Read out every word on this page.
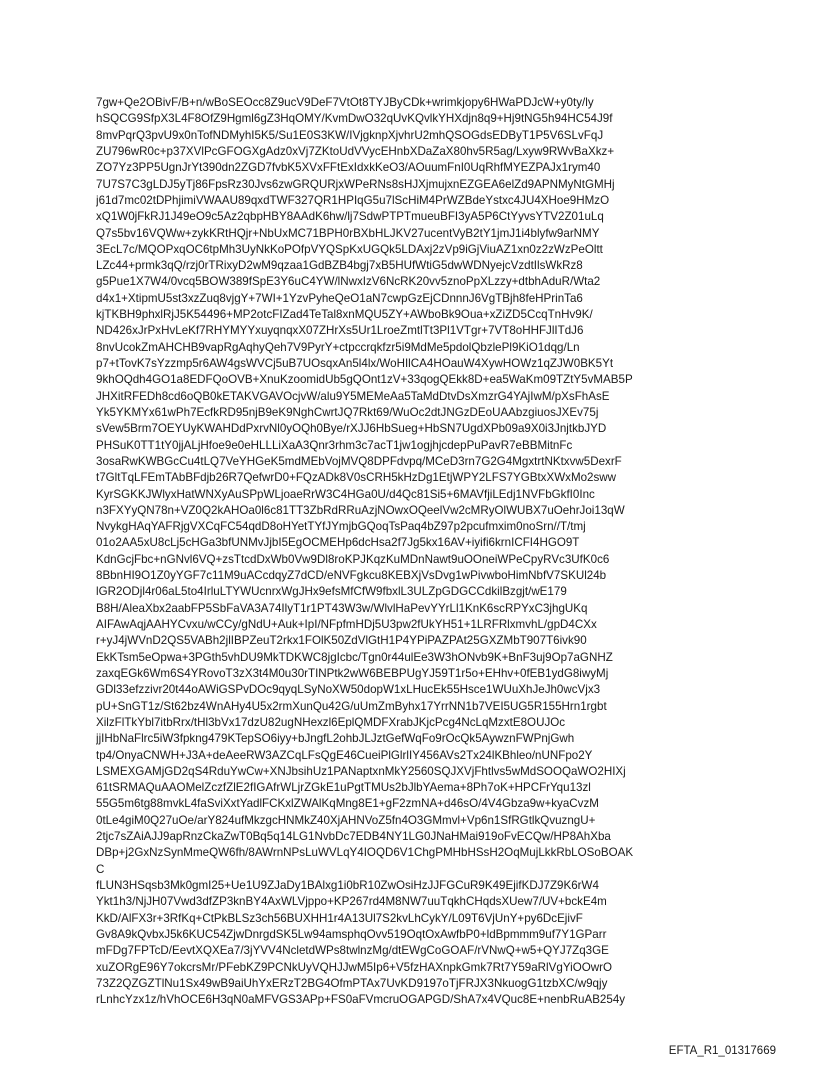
7gw+Qe2OBivF/B+n/wBoSEOcc8Z9ucV9DeF7VtOt8TYJByCDk+wrimkjopy6HWaPDJcW+y0ty/ly
hSQCG9SfpX3L4F8OfZ9Hgml6gZ3HqOMY/KvmDwO32qUvKQvlkYHXdjn8q9+Hj9tNG5h94HC54J9f
8mvPqrQ3pvU9x0nTofNDMyhI5K5/Su1E0S3KW/IVjgknpXjvhrU2mhQSOGdsEDByT1P5V6SLvFqJ
ZU796wR0c+p37XVlPcGFOGXgAdz0xVj7ZKtoUdVVycEHnbXDaZaX80hv5R5ag/Lxyw9RWvBaXkz+
ZO7Yz3PP5UgnJrYt390dn2ZGD7fvbK5XVxFFtExIdxkKeO3/AOuumFnI0UqRhfMYEZPAJx1rym40
7U7S7C3gLDJ5yTj86FpsRz30Jvs6zwGRQURjxWPeRNs8sHJXjmujxnEZGEA6elZd9APNMyNtGMHj
j61d7mc02tDPhjimiVWAAU89qxdTWF327QR1HPIqG5u7lScHiM4PrWZBdeYstxc4JU4XHoe9HMzO
xQ1W0jFkRJ1J49eO9c5Az2qbpHBY8AAdK6hw/lj7SdwPTPTmueuBFI3yA5P6CtYyvsYTV2Z01uLq
Q7s5bv16VQWw+zykKRtHQjr+NbUxMC71BPH0rBXbHLJKV27ucentVyB2tY1jmJ1i4blyfw9arNMY
3EcL7c/MQOPxqOC6tpMh3UyNkKoPOfpVYQSpKxUGQk5LDAxj2zVp9iGjViuAZ1xn0z2zWzPeOltt
LZc44+prmk3qQ/rzj0rTRixyD2wM9qzaa1GdBZB4bgj7xB5HUfWtiG5dwWDNyejcVzdtIlsWkRz8
g5Pue1X7W4/0vcq5BOW389fSpE3Y6uC4YW/lNwxIzV6NcRK20vv5znoPpXLzzy+dtbhAduR/Wta2
d4x1+XtipmU5st3xzZuq8vjgY+7WI+1YzvPyheQeO1aN7cwpGzEjCDnnnJ6VgTBjh8feHPrinTa6
kjTKBH9phxlRjJ5K54496+MP2otcFIZad4TeTal8xnMQU5ZY+AWboBk9Oua+xZiZD5CcqTnHv9K/
ND426xJrPxHvLeKf7RHYMYYxuyqnqxX07ZHrXs5Ur1LroeZmtlTt3Pl1VTgr+7VT8oHHFJlITdJ6
8nvUcokZmAHCHB9vapRgAqhyQeh7V9PyrY+ctpccrqkfzr5i9MdMe5pdolQbzlePl9KiO1dqg/Ln
p7+tTovK7sYzzmp5r6AW4gsWVCj5uB7UOsqxAn5l4lx/WoHIlCA4HOauW4XywHOWz1qZJW0BK5Yt
9khOQdh4GO1a8EDFQoOVB+XnuKzoomidUb5gQOnt1zV+33qogQEkk8D+ea5WaKm09TZtY5vMAB5P
JHXitRFEDh8cd6oQB0kETAKVGAVOcjvW/alu9Y5MEMeAa5TaMdDtvDsXmzrG4YAjIwM/pXsFhAsE
Yk5YKMYx61wPh7EcfkRD95njB9eK9NghCwrtJQ7Rkt69/WuOc2dtJNGzDEoUAAbzgiuosJXEv75j
sVew5Brm7OEYUyKWAHDdPxrvNl0yOQh0Bye/rXJJ6HbSueg+HbSN7UgdXPb09a9X0i3JnjtkbJYD
PHSuK0TT1tY0jjALjHfoe9e0eHLLLiXaA3Qnr3rhm3c7acT1jw1ogjhjcdepPuPavR7eBBMitnFc
3osaRwKWBGcCu4tLQ7VeYHGeK5mdMEbVojMVQ8DPFdvpq/MCeD3rn7G2G4MgxtrtNKtxvw5DexrF
t7GltTqLFEmTAbBFdjb26R7QefwrD0+FQzADk8V0sCRH5kHzDg1EtjWPY2LFS7YGBtxXWxMo2sww
KyrSGKKJWlyxHatWNXyAuSPpWLjoaeRrW3C4HGa0U/d4Qc81Si5+6MAVfjiLEdj1NVFbGkfI0Inc
n3FXYyQN78n+VZ0Q2kAHOa0l6c81TT3ZbRdRRuAzjNOwxOQeelVw2cMRyOlWUBX7uOehrJoi13qW
NvykgHAqYAFRjgVXCqFC54qdD8oHYetTYfJYmjbGQoqTsPaq4bZ97p2pcufmxim0noSrn//T/tmj
01o2AA5xU8cLj5cHGa3bfUNMvJjbI5EgOCMEHp6dcHsa2f7Jg5kx16AV+iyifi6krnICFI4HGO9T
KdnGcjFbc+nGNvl6VQ+zsTtcdDxWb0Vw9Dl8roKPJKqzKuMDnNawt9uOOneiWPeCpyRVc3UfK0c6
8BbnHI9O1Z0yYGF7c11M9uACcdqyZ7dCD/eNVFgkcu8KEBXjVsDvg1wPivwboHimNbfV7SKUl24b
lGR2ODjl4r06aL5to4IrluLTYWUcnrxWgJHx9efsMfCfW9fbxlL3ULZpGDGCCdkilBzgjt/wE179
B8H/AleaXbx2aabFP5SbFaVA3A74IlyT1r1PT43W3w/WlvlHaPevYYrLl1KnK6scRPYxC3jhgUKq
AIFAwAqjAAHYCvxu/wCCy/gNdU+Auk+IpI/NFpfmHDj5U3pw2fUkYH51+1LRFRlxmvhL/gpD4CXx
r+yJ4jWVnD2QS5VABh2jlIBPZeuT2rkx1FOlK50ZdVlGtH1P4YPiPAZPAt25GXZMbT907T6ivk90
EkKTsm5eOpwa+3PGth5vhDU9MkTDKWC8jgIcbc/Tgn0r44ulEe3W3hONvb9K+BnF3uj9Op7aGNHZ
zaxqEGk6Wm6S4YRovoT3zX3t4M0u30rTINPtk2wW6BEBPUgYJ59T1r5o+EHhv+0fEB1ydG8iwyMj
GDl33efzzivr20t44oAWiGSPvDOc9qyqLSyNoXW50dopW1xLHucEk55Hsce1WUuXhJeJh0wcVjx3
pU+SnGT1z/St62bz4WnAHy4U5x2rmXunQu42G/uUmZmByhx17YrrNN1b7VEI5UG5R155Hrn1rgbt
XilzFlTkYbl7itbRrx/tHl3bVx17dzU82ugNHexzl6EplQMDFXrabJKjcPcg4NcLqMzxtE8OUJOc
jjIHbNaFlrc5iW3fpkng479KTepSO6iyy+bJngfL2ohbJLJztGefWqFo9rOcQk5AywznFWPnjGwh
tp4/OnyaCNWH+J3A+deAeeRW3AZCqLFsQgE46CueiPlGlrlIY456AVs2Tx24lKBhleo/nUNFpo2Y
LSMEXGAMjGD2qS4RduYwCw+XNJbsihUz1PANaptxnMkY2560SQJXVjFhtlvs5wMdSOOQaWO2HIXj
61tSRMAQuAAOMelZczfZlE2fIGAfrWLjrZGkE1uPgtTMUs2bJlbYAema+8Ph7oK+HPCFrYqu13zl
55G5m6tg88mvkL4faSviXxtYadlFCKxlZWAlKqMng8E1+gF2zmNA+d46sO/4V4Gbza9w+kyaCvzM
0tLe4giM0Q27uOe/arY824ufMkzgcHNMkZ40XjAHNVoZ5fn4O3GMmvl+Vp6n1SfRGtlkQvuzngU+
2tjc7sZAiAJJ9apRnzCkaZwT0Bq5q14LG1NvbDc7EDB4NY1LG0JNaHMai919oFvECQw/HP8AhXba
DBp+j2GxNzSynMmeQW6fh/8AWrnNPsLuWVLqY4IOQD6V1ChgPMHbHSsH2OqMujLkkRbLOSoBOAK
C
fLUN3HSqsb3Mk0gmI25+Ue1U9ZJaDy1BAlxg1i0bR10ZwOsiHzJJFGCuR9K49EjifKDJ7Z9K6rW4
Ykt1h3/NjJH07Vwd3dfZP3knBY4AxWLVjppo+KP267rd4M8NW7uuTqkhCHqdsXUew7/UV+bckE4m
KkD/AlFX3r+3RfKq+CtPkBLSz3ch56BUXHH1r4A13Ul7S2kvLhCykY/L09T6VjUnY+py6DcEjivF
Gv8A9kQvbxJ5k6KUC54ZjwDnrgdSK5Lw94amsphqOvv519OqtOxAwfbP0+ldBpmmm9uf7Y1GParr
mFDg7FPTcD/EevtXQXEa7/3jYVV4NcletdWPs8twlnzMg/dtEWgCoGOAF/rVNwQ+w5+QYJ7Zq3GE
xuZORgE96Y7okcrsMr/PFebKZ9PCNkUyVQHJJwM5Ip6+V5fzHAXnpkGmk7Rt7Y59aRlVgYiOOwrO
73Z2QZGZTlNu1Sx49wB9aiUhYxERzT2BG4OfmPTAx7UvKD9197oTjFRJX3NkuogG1tzbXC/w9qjy
rLnhcYzx1z/hVhOCE6H3qN0aMFVGS3APp+FS0aFVmcruOGAPGD/ShA7x4VQuc8E+nenbRuAB254y
EFTA_R1_01317669
